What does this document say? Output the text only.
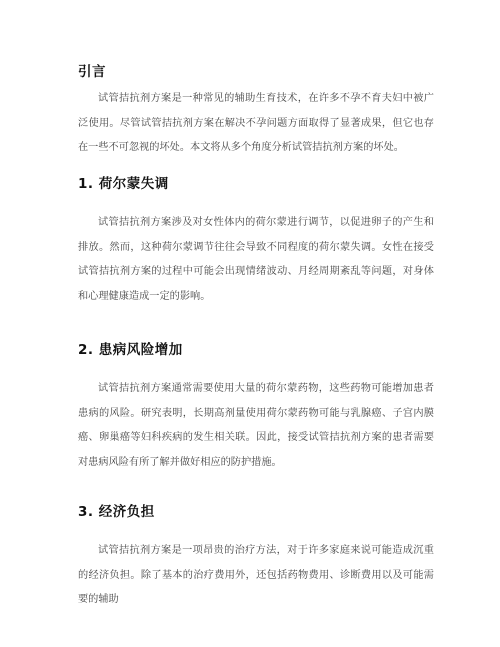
引言

试管拮抗剂方案是一种常见的辅助生育技术，在许多不孕不育夫妇中被广泛使用。尽管试管拮抗剂方案在解决不孕问题方面取得了显著成果，但它也存在一些不可忽视的坏处。本文将从多个角度分析试管拮抗剂方案的坏处。

1. 荷尔蒙失调

试管拮抗剂方案涉及对女性体内的荷尔蒙进行调节，以促进卵子的产生和排放。然而，这种荷尔蒙调节往往会导致不同程度的荷尔蒙失调。女性在接受试管拮抗剂方案的过程中可能会出现情绪波动、月经周期紊乱等问题，对身体和心理健康造成一定的影响。

2. 患病风险增加

试管拮抗剂方案通常需要使用大量的荷尔蒙药物，这些药物可能增加患者患病的风险。研究表明，长期高剂量使用荷尔蒙药物可能与乳腺癌、子宫内膜癌、卵巢癌等妇科疾病的发生相关联。因此，接受试管拮抗剂方案的患者需要对患病风险有所了解并做好相应的防护措施。

3. 经济负担

试管拮抗剂方案是一项昂贵的治疗方法，对于许多家庭来说可能造成沉重的经济负担。除了基本的治疗费用外，还包括药物费用、诊断费用以及可能需要的辅助
